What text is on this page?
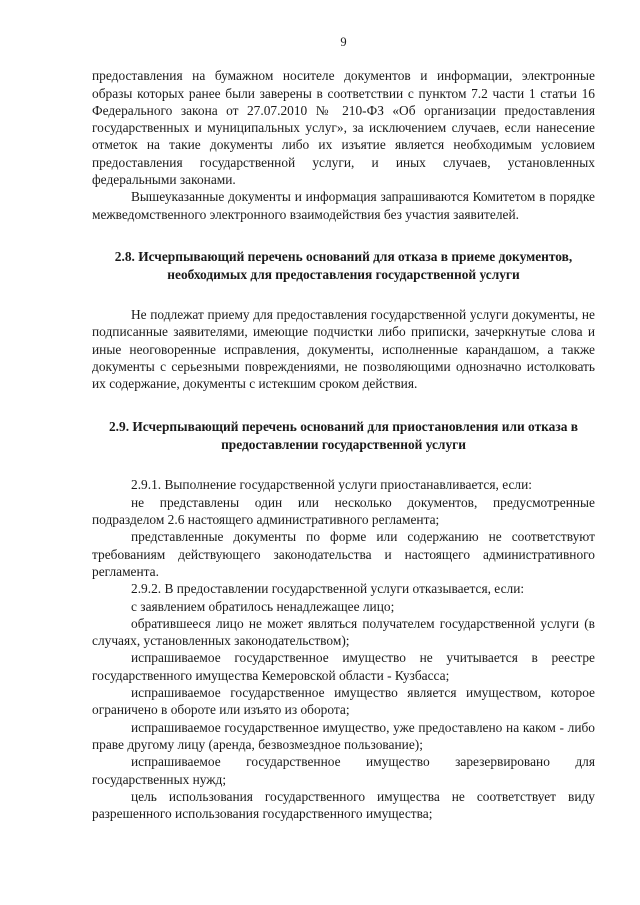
9

предоставления на бумажном носителе документов и информации, электронные образы которых ранее были заверены в соответствии с пунктом 7.2 части 1 статьи 16 Федерального закона от 27.07.2010 № 210-ФЗ «Об организации предоставления государственных и муниципальных услуг», за исключением случаев, если нанесение отметок на такие документы либо их изъятие является необходимым условием предоставления государственной услуги, и иных случаев, установленных федеральными законами.

Вышеуказанные документы и информация запрашиваются Комитетом в порядке межведомственного электронного взаимодействия без участия заявителей.

2.8. Исчерпывающий перечень оснований для отказа в приеме документов, необходимых для предоставления государственной услуги

Не подлежат приему для предоставления государственной услуги документы, не подписанные заявителями, имеющие подчистки либо приписки, зачеркнутые слова и иные неоговоренные исправления, документы, исполненные карандашом, а также документы с серьезными повреждениями, не позволяющими однозначно истолковать их содержание, документы с истекшим сроком действия.

2.9. Исчерпывающий перечень оснований для приостановления или отказа в предоставлении государственной услуги

2.9.1. Выполнение государственной услуги приостанавливается, если:

не представлены один или несколько документов, предусмотренные подразделом 2.6 настоящего административного регламента;

представленные документы по форме или содержанию не соответствуют требованиям действующего законодательства и настоящего административного регламента.

2.9.2. В предоставлении государственной услуги отказывается, если:

с заявлением обратилось ненадлежащее лицо;

обратившееся лицо не может являться получателем государственной услуги (в случаях, установленных законодательством);

испрашиваемое государственное имущество не учитывается в реестре государственного имущества Кемеровской области - Кузбасса;

испрашиваемое государственное имущество является имуществом, которое ограничено в обороте или изъято из оборота;

испрашиваемое государственное имущество, уже предоставлено на каком - либо праве другому лицу (аренда, безвозмездное пользование);

испрашиваемое государственное имущество зарезервировано для государственных нужд;

цель использования государственного имущества не соответствует виду разрешенного использования государственного имущества;
